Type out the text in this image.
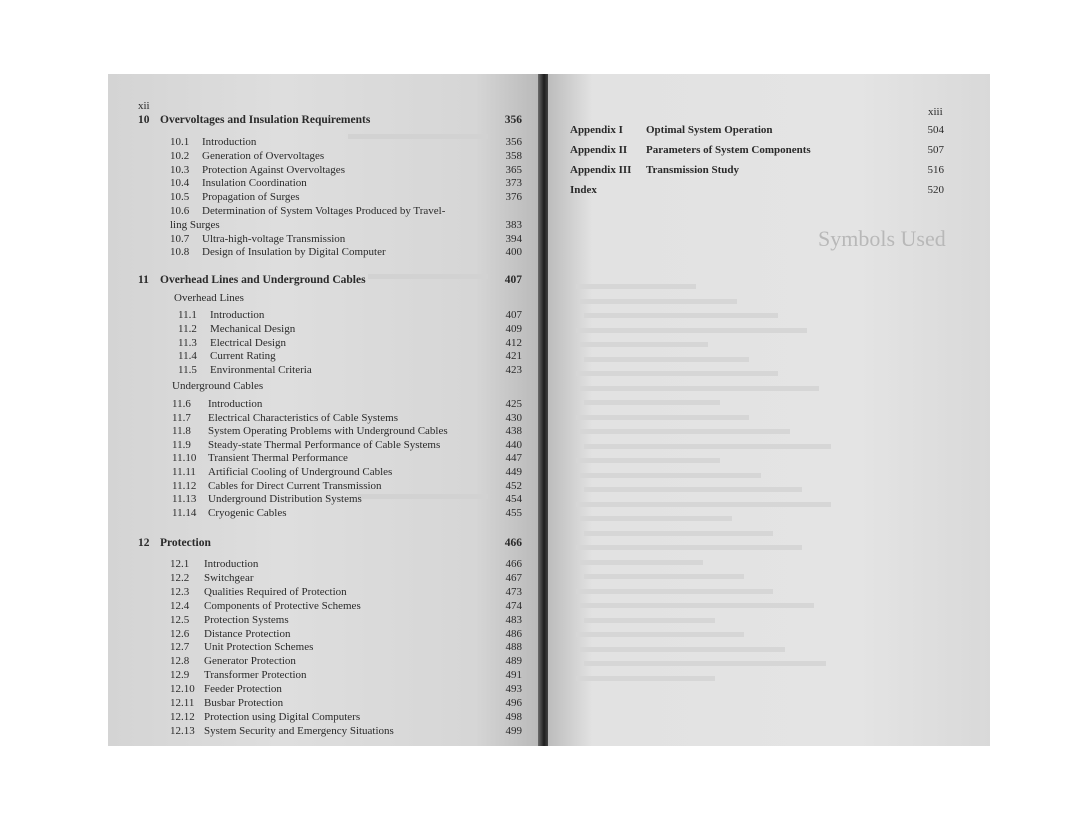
xii
10 Overvoltages and Insulation Requirements	356
10.1 Introduction	356
10.2 Generation of Overvoltages	358
10.3 Protection Against Overvoltages	365
10.4 Insulation Coordination	373
10.5 Propagation of Surges	376
10.6 Determination of System Voltages Produced by Travel-
ling Surges	383
10.7 Ultra-high-voltage Transmission	394
10.8 Design of Insulation by Digital Computer	400
11 Overhead Lines and Underground Cables	407
Overhead Lines
11.1 Introduction	407
11.2 Mechanical Design	409
11.3 Electrical Design	412
11.4 Current Rating	421
11.5 Environmental Criteria	423
Underground Cables
11.6 Introduction	425
11.7 Electrical Characteristics of Cable Systems	430
11.8 System Operating Problems with Underground Cables	438
11.9 Steady-state Thermal Performance of Cable Systems	440
11.10 Transient Thermal Performance	447
11.11 Artificial Cooling of Underground Cables	449
11.12 Cables for Direct Current Transmission	452
11.13 Underground Distribution Systems	454
11.14 Cryogenic Cables	455
12 Protection	466
12.1 Introduction	466
12.2 Switchgear	467
12.3 Qualities Required of Protection	473
12.4 Components of Protective Schemes	474
12.5 Protection Systems	483
12.6 Distance Protection	486
12.7 Unit Protection Schemes	488
12.8 Generator Protection	489
12.9 Transformer Protection	491
12.10 Feeder Protection	493
12.11 Busbar Protection	496
12.12 Protection using Digital Computers	498
12.13 System Security and Emergency Situations	499
xiii
Appendix I Optimal System Operation	504
Appendix II Parameters of System Components	507
Appendix III Transmission Study	516
Index	520
Symbols Used
